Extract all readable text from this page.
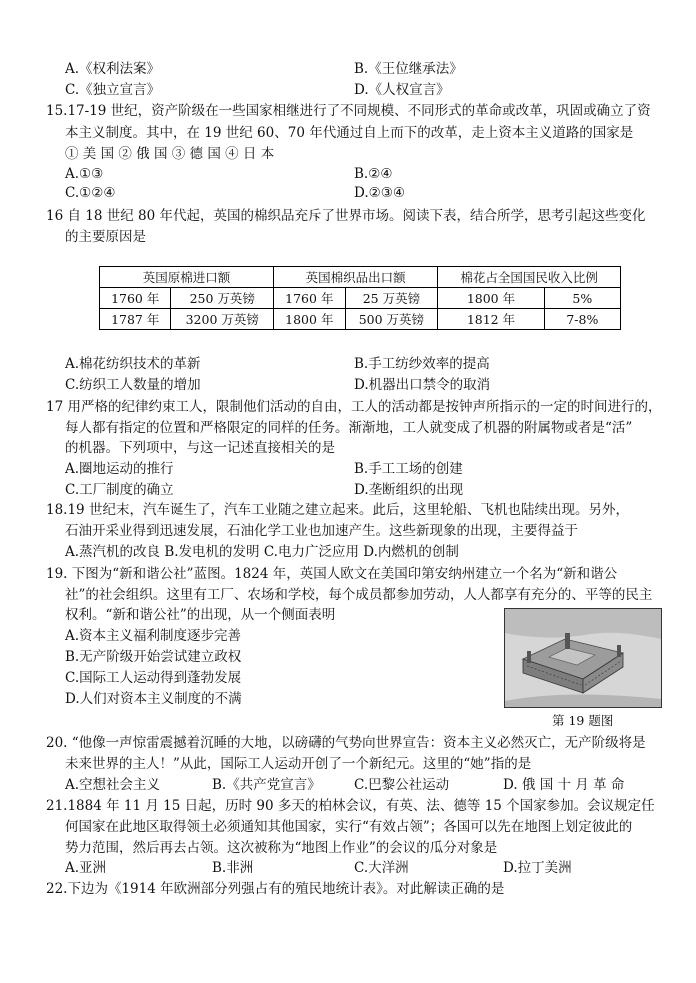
A.《权利法案》	B.《王位继承法》
C.《独立宣言》	D.《人权宣言》
15.17-19 世纪，资产阶级在一些国家相继进行了不同规模、不同形式的革命或改革，巩固或确立了资
本主义制度。其中，在 19 世纪 60、70 年代通过自上而下的改革，走上资本主义道路的国家是
① 美 国 ② 俄 国 ③ 德 国 ④ 日 本
A.①③	B.②④
C.①②④	D.②③④
16 自 18 世纪 80 年代起，英国的棉织品充斥了世界市场。阅读下表，结合所学，思考引起这些变化
的主要原因是
英国原棉进口额		英国棉织品出口额		棉花占全国国民收入比例	
1760 年	250 万英镑	1760 年	25 万英镑	1800 年	5%
1787 年	3200 万英镑	1800 年	500 万英镑	1812 年	7-8%
A.棉花纺织技术的革新	B.手工纺纱效率的提高
C.纺织工人数量的增加	D.机器出口禁令的取消
17 用严格的纪律约束工人，限制他们活动的自由，工人的活动都是按钟声所指示的一定的时间进行的，
每人都有指定的位置和严格限定的同样的任务。渐渐地，工人就变成了机器的附属物或者是“活”
的机器。下列项中，与这一记述直接相关的是
A.圈地运动的推行	B.手工工场的创建
C.工厂制度的确立	D.垄断组织的出现
18.19 世纪末，汽车诞生了，汽车工业随之建立起来。此后，这里轮船、飞机也陆续出现。另外，
石油开采业得到迅速发展，石油化学工业也加速产生。这些新现象的出现，主要得益于
A.蒸汽机的改良 B.发电机的发明 C.电力广泛应用 D.内燃机的创制
19. 下图为“新和谐公社”蓝图。1824 年，英国人欧文在美国印第安纳州建立一个名为“新和谐公
社”的社会组织。这里有工厂、农场和学校，每个成员都参加劳动，人人都享有充分的、平等的民主
权利。“新和谐公社”的出现，从一个侧面表明
A.资本主义福利制度逐步完善
B.无产阶级开始尝试建立政权
C.国际工人运动得到蓬勃发展
D.人们对资本主义制度的不满
第 19 题图
20. “他像一声惊雷震撼着沉睡的大地，以磅礴的气势向世界宣告：资本主义必然灭亡，无产阶级将是
未来世界的主人！”从此，国际工人运动开创了一个新纪元。这里的“她”指的是
A.空想社会主义	B.《共产党宣言》 C.巴黎公社运动	D. 俄 国 十 月 革 命
21.1884 年 11 月 15 日起，历时 90 多天的柏林会议，有英、法、德等 15 个国家参加。会议规定任
何国家在此地区取得领土必须通知其他国家，实行“有效占领”；各国可以先在地图上划定彼此的
势力范围，然后再去占领。这次被称为“地图上作业”的会议的瓜分对象是
A.亚洲	B.非洲	C.大洋洲	D.拉丁美洲
22.下边为《1914 年欧洲部分列强占有的殖民地统计表》。对此解读正确的是
